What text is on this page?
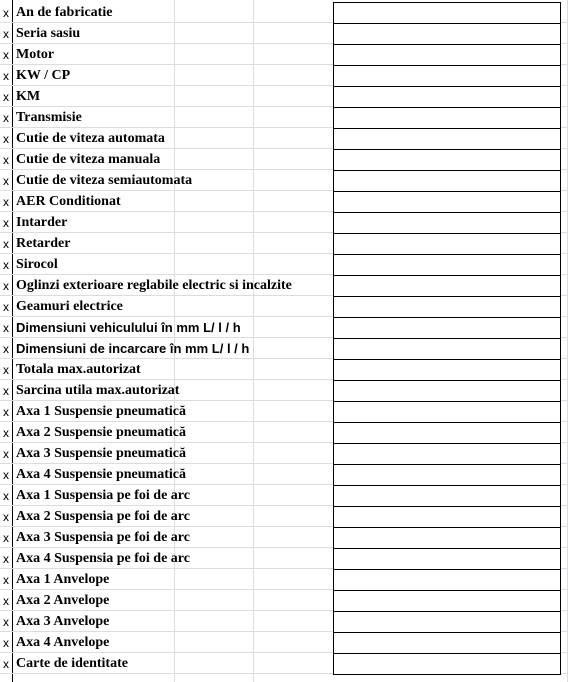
x An de fabricatie
x Seria sasiu
x Motor
x KW / CP
x KM
x Transmisie
x Cutie de viteza automata
x Cutie de viteza manuala
x Cutie de viteza semiautomata
x AER Conditionat
x Intarder
x Retarder
x Sirocol
x Oglinzi exterioare reglabile electric si incalzite
x Geamuri electrice
x Dimensiuni vehiculului în mm L/ l / h
x Dimensiuni de incarcare în mm L/ l / h
x Totala max.autorizat
x Sarcina utila max.autorizat
x Axa 1 Suspensie pneumatică
x Axa 2 Suspensie pneumatică
x Axa 3 Suspensie pneumatică
x Axa 4 Suspensie pneumatică
x Axa 1 Suspensia pe foi de arc
x Axa 2 Suspensia pe foi de arc
x Axa 3 Suspensia pe foi de arc
x Axa 4 Suspensia pe foi de arc
x Axa 1 Anvelope
x Axa 2 Anvelope
x Axa 3 Anvelope
x Axa 4 Anvelope
x Carte de identitate
